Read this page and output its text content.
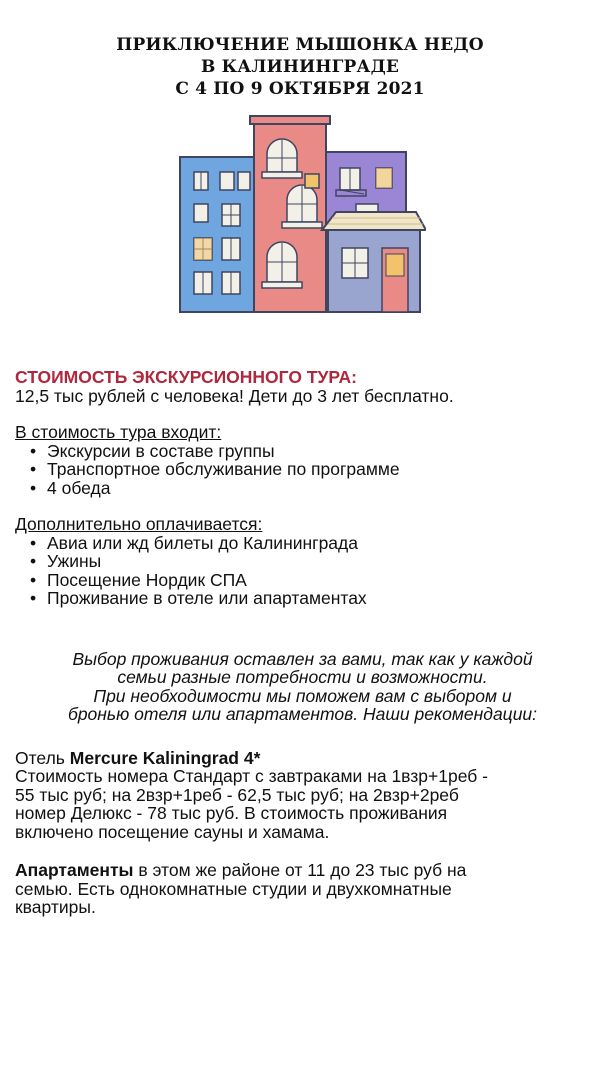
ПРИКЛЮЧЕНИЕ МЫШОНКА НЕДО
В КАЛИНИНГРАДЕ
С 4 ПО 9 ОКТЯБРЯ 2021

СТОИМОСТЬ ЭКСКУРСИОННОГО ТУРА:

12,5 тыс рублей с человека! Дети до 3 лет бесплатно.

В стоимость тура входит:

• Экскурсии в составе группы
• Транспортное обслуживание по программе
• 4 обеда

Дополнительно оплачивается:

• Авиа или жд билеты до Калининграда
• Ужины
• Посещение Нордик СПА
• Проживание в отеле или апартаментах

Выбор проживания оставлен за вами, так как у каждой

семьи разные потребности и возможности.

При необходимости мы поможем вам с выбором и

бронью отеля или апартаментов. Наши рекомендации:

Отель Mercure Kaliningrad 4*

Стоимость номера Стандарт с завтраками на 1взр+1реб -

55 тыс руб; на 2взр+1реб - 62,5 тыс руб; на 2взр+2реб

номер Делюкс - 78 тыс руб. В стоимость проживания

включено посещение сауны и хамама.

Апартаменты в этом же районе от 11 до 23 тыс руб на

семью. Есть однокомнатные студии и двухкомнатные

квартиры.
